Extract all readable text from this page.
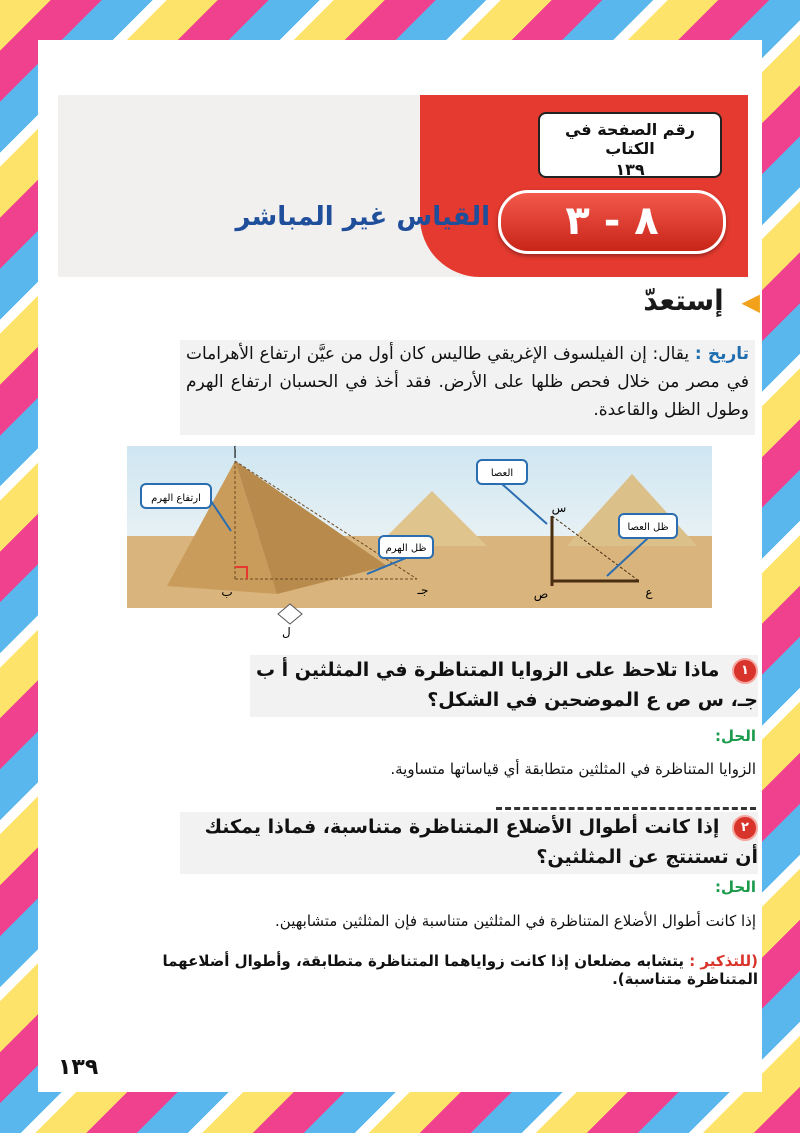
رقم الصفحة في الكتاب
١٣٩
٨ - ٣
القياس غير المباشر
◀ إستعدّ

تاريخ : يقال: إن الفيلسوف الإغريقي طاليس كان أول من عيَّن ارتفاع الأهرامات في مصر من خلال فحص ظلها على الأرض. فقد أخذ في الحسبان ارتفاع الهرم وطول الظل والقاعدة.

ارتفاع الهرم
ظل الهرم
العصا
ظل العصا
أ
ب	جـ
س
ص	ع
ل
١ ماذا تلاحظ على الزوايا المتناظرة في المثلثين أ ب جـ، س ص ع الموضحين في الشكل؟
الحل:
الزوايا المتناظرة في المثلثين متطابقة أي قياساتها متساوية.
٢ إذا كانت أطوال الأضلاع المتناظرة متناسبة، فماذا يمكنك أن تستنتج عن المثلثين؟
الحل:
إذا كانت أطوال الأضلاع المتناظرة في المثلثين متناسبة فإن المثلثين متشابهين.
(للتذكير : يتشابه مضلعان إذا كانت زواياهما المتناظرة متطابقة، وأطوال أضلاعهما المتناظرة متناسبة).
١٣٩
